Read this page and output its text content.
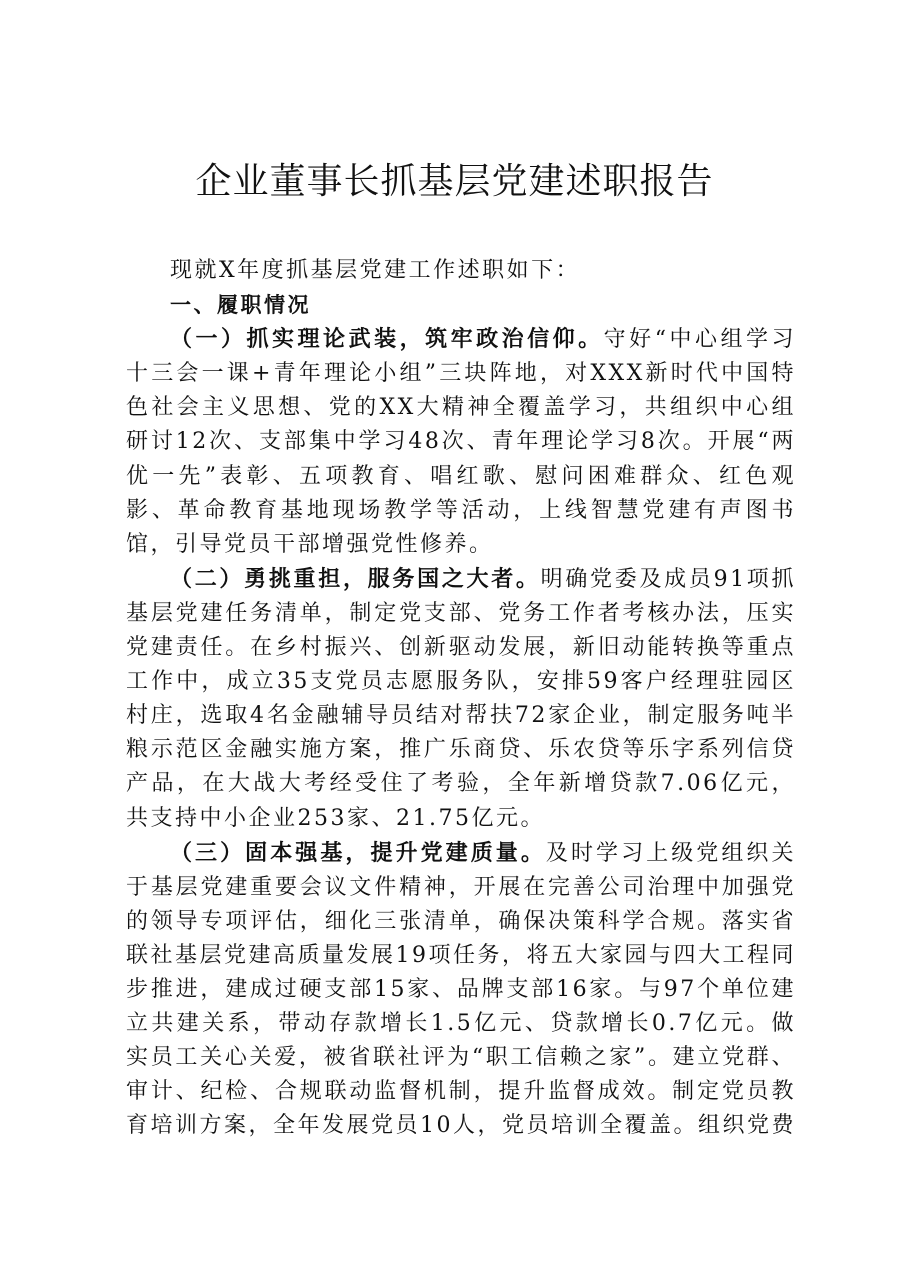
企业董事长抓基层党建述职报告

现就X年度抓基层党建工作述职如下：

一、履职情况

（一）抓实理论武装，筑牢政治信仰。守好“中心组学习十三会一课+青年理论小组”三块阵地，对XXX新时代中国特色社会主义思想、党的XX大精神全覆盖学习，共组织中心组研讨12次、支部集中学习48次、青年理论学习8次。开展“两优一先”表彰、五项教育、唱红歌、慰问困难群众、红色观影、革命教育基地现场教学等活动，上线智慧党建有声图书馆，引导党员干部增强党性修养。

（二）勇挑重担，服务国之大者。明确党委及成员91项抓基层党建任务清单，制定党支部、党务工作者考核办法，压实党建责任。在乡村振兴、创新驱动发展，新旧动能转换等重点工作中，成立35支党员志愿服务队，安排59客户经理驻园区村庄，选取4名金融辅导员结对帮扶72家企业，制定服务吨半粮示范区金融实施方案，推广乐商贷、乐农贷等乐字系列信贷产品，在大战大考经受住了考验，全年新增贷款7.06亿元，共支持中小企业253家、21.75亿元。

（三）固本强基，提升党建质量。及时学习上级党组织关于基层党建重要会议文件精神，开展在完善公司治理中加强党的领导专项评估，细化三张清单，确保决策科学合规。落实省联社基层党建高质量发展19项任务，将五大家园与四大工程同步推进，建成过硬支部15家、品牌支部16家。与97个单位建立共建关系，带动存款增长1.5亿元、贷款增长0.7亿元。做实员工关心关爱，被省联社评为“职工信赖之家”。建立党群、审计、纪检、合规联动监督机制，提升监督成效。制定党员教育培训方案，全年发展党员10人，党员培训全覆盖。组织党费
